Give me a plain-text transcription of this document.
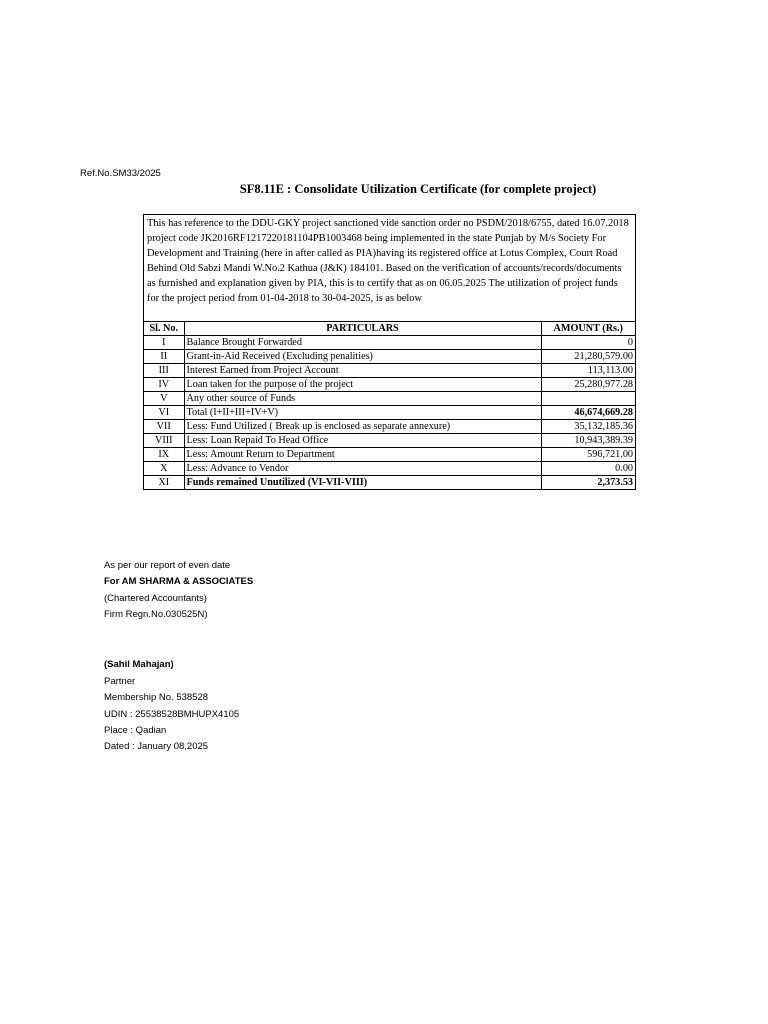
Ref.No.SM33/2025
SF8.11E : Consolidate Utilization Certificate (for complete project)

This has reference to the DDU-GKY project sanctioned vide sanction order no PSDM/2018/6755, dated 16.07.2018 project code JK2016RF1217220181104PB1003468 being implemented in the state Punjab by M/s Society For Development and Training (here in after called as PIA)having its registered office at Lotus Complex, Court Road Behind Old Sabzi Mandi W.No.2 Kathua (J&K) 184101. Based on the verification of accounts/records/documents as furnished and explanation given by PIA, this is to certify that as on 06.05.2025 The utilization of project funds for the project period from 01-04-2018 to 30-04-2025, is as below

Sl. No.	PARTICULARS	AMOUNT (Rs.)
I	Balance Brought Forwarded	0
II	Grant-in-Aid Received (Excluding penalities)	21,280,579.00
III	Interest Earned from Project Account	113,113.00
IV	Loan taken for the purpose of the project	25,280,977.28
V	Any other source of Funds	
VI	Total (I+II+III+IV+V)	46,674,669.28
VII	Less: Fund Utilized ( Break up is enclosed as separate annexure)	35,132,185.36
VIII	Less: Loan Repaid To Head Office	10,943,389.39
IX	Less: Amount Return to Department	596,721.00
X	Less: Advance to Vendor	0.00
XI	Funds remained Unutilized (VI-VII-VIII)	2,373.53
As per our report of even date
For AM SHARMA & ASSOCIATES
(Chartered Accountants)
Firm Regn.No.030525N)
(Sahil Mahajan)
Partner
Membership No. 538528
UDIN : 25538528BMHUPX4105
Place : Qadian
Dated : January 08,2025
